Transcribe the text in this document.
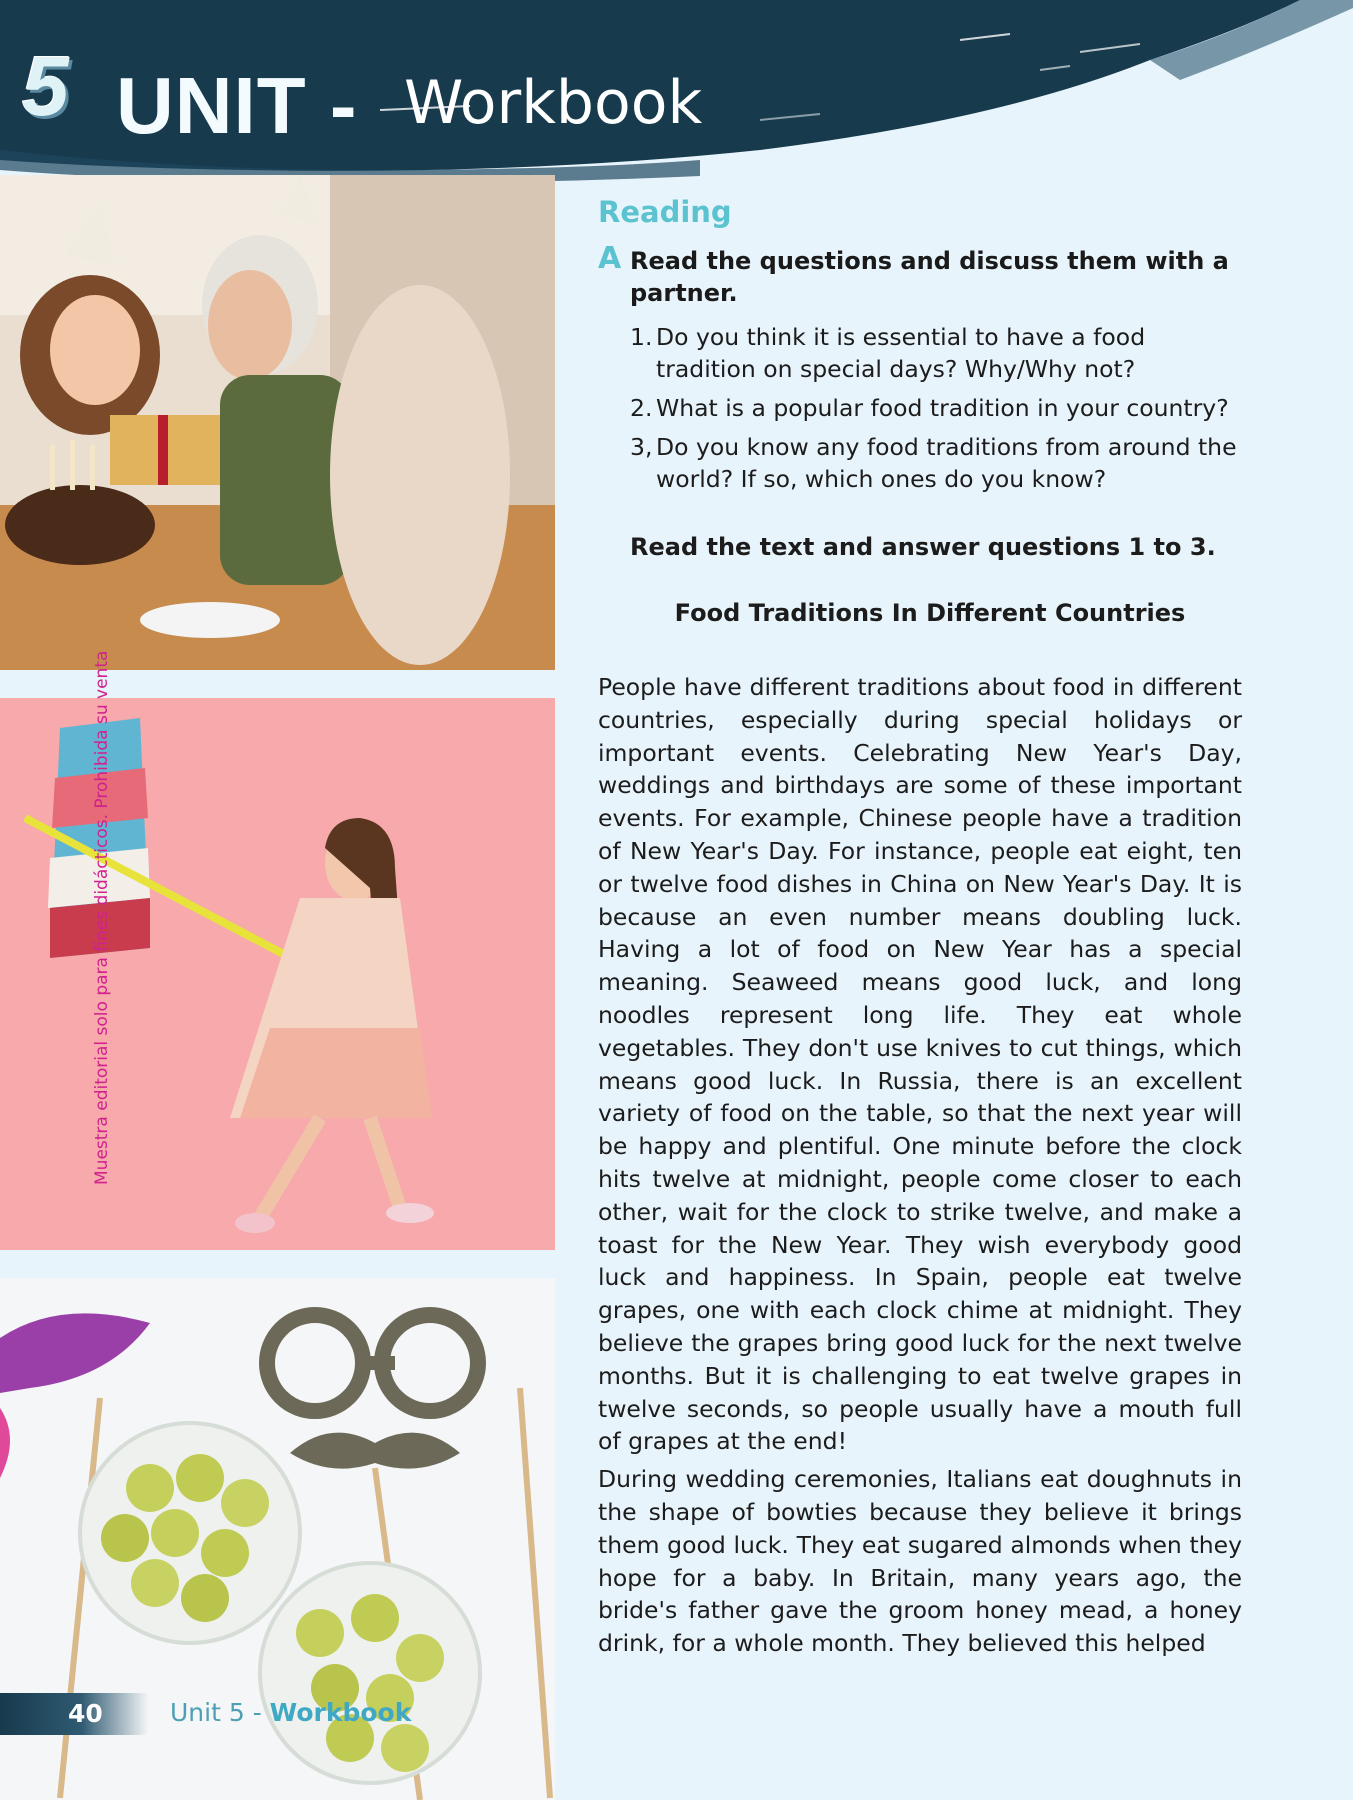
5 UNIT - Workbook
Muestra editorial solo para fines didácticos. Prohibida su venta
Reading
A Read the questions and discuss them with a partner.
1. Do you think it is essential to have a food tradition on special days? Why/Why not?
2. What is a popular food tradition in your country?
3, Do you know any food traditions from around the world? If so, which ones do you know?
Read the text and answer questions 1 to 3.
Food Traditions In Different Countries

People have different traditions about food in different countries, especially during special holidays or important events. Celebrating New Year's Day, weddings and birthdays are some of these important events. For example, Chinese people have a tradition of New Year's Day. For instance, people eat eight, ten or twelve food dishes in China on New Year's Day. It is because an even number means doubling luck. Having a lot of food on New Year has a special meaning. Seaweed means good luck, and long noodles represent long life. They eat whole vegetables. They don't use knives to cut things, which means good luck. In Russia, there is an excellent variety of food on the table, so that the next year will be happy and plentiful. One minute before the clock hits twelve at midnight, people come closer to each other, wait for the clock to strike twelve, and make a toast for the New Year. They wish everybody good luck and happiness. In Spain, people eat twelve grapes, one with each clock chime at midnight. They believe the grapes bring good luck for the next twelve months. But it is challenging to eat twelve grapes in twelve seconds, so people usually have a mouth full of grapes at the end!

During wedding ceremonies, Italians eat doughnuts in the shape of bowties because they believe it brings them good luck. They eat sugared almonds when they hope for a baby. In Britain, many years ago, the bride's father gave the groom honey mead, a honey drink, for a whole month. They believed this helped

40	Unit 5 - Workbook
